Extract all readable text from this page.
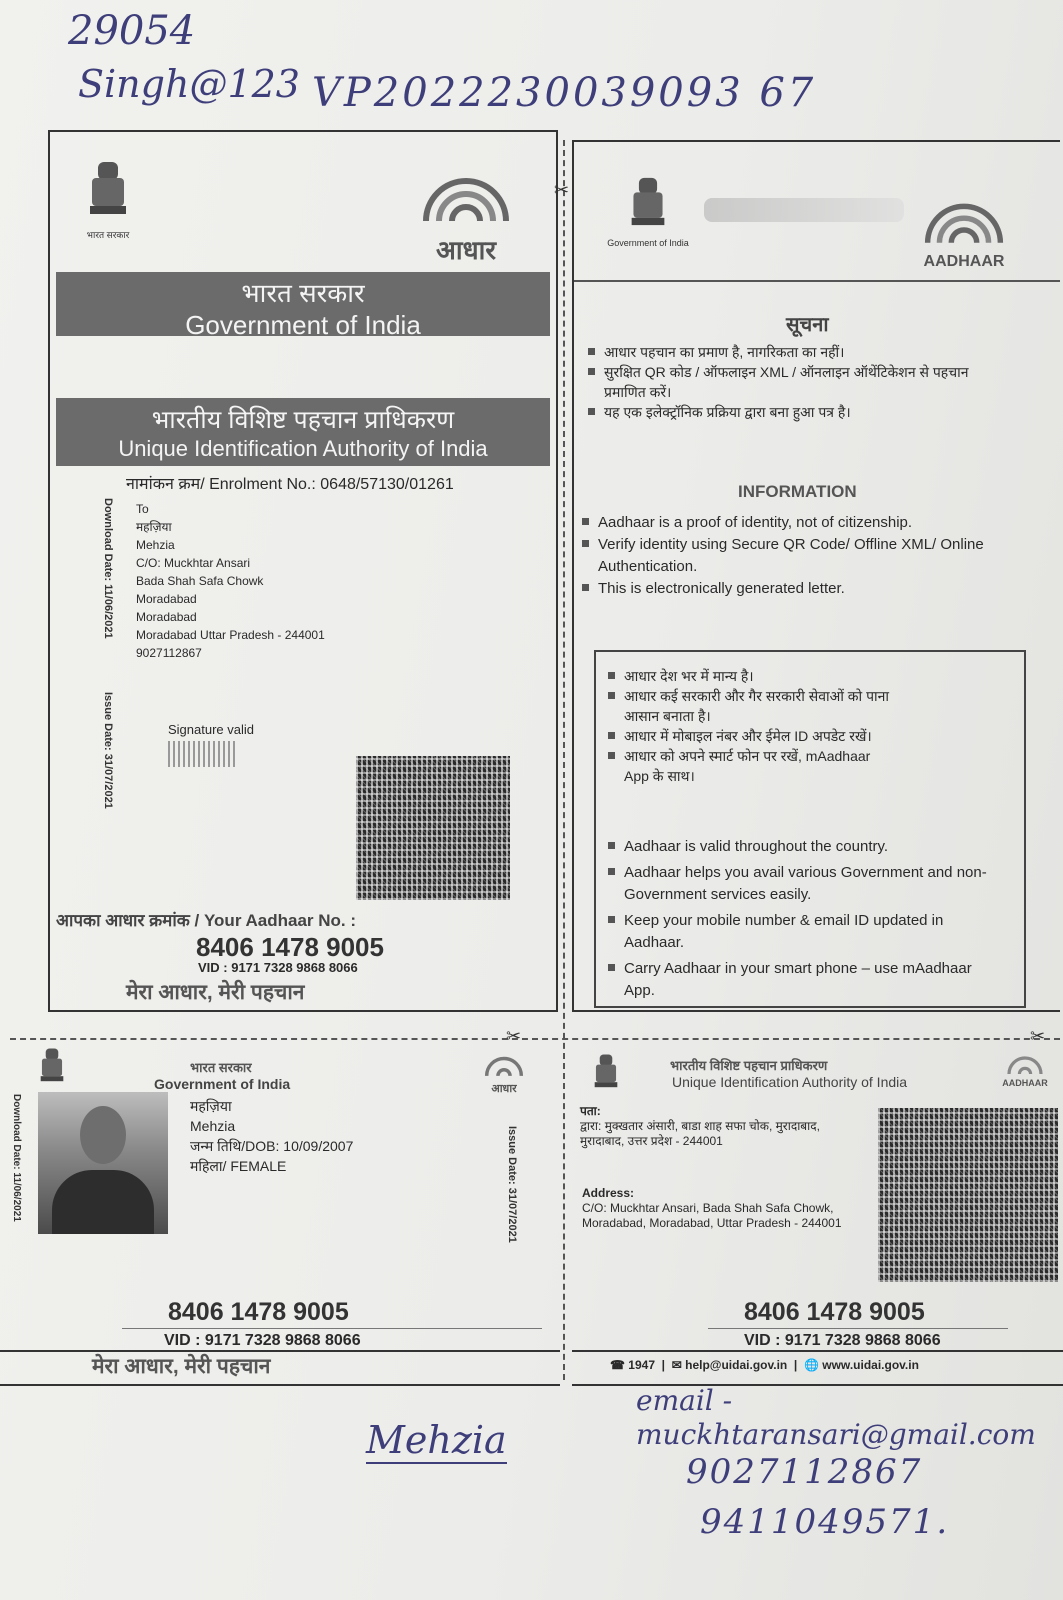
29054
Singh@123 VP2022230039093 67
भारत सरकार	आधार
भारत सरकार
Government of India
भारतीय विशिष्ट पहचान प्राधिकरण
Unique Identification Authority of India
नामांकन क्रम/ Enrolment No.: 0648/57130/01261
Download Date: 11/06/2021
Issue Date: 31/07/2021
To
महज़िया
Mehzia
C/O: Muckhtar Ansari
Bada Shah Safa Chowk
Moradabad
Moradabad
Moradabad Uttar Pradesh - 244001
9027112867
Signature valid
आपका आधार क्रमांक / Your Aadhaar No. :
8406 1478 9005
VID : 9171 7328 9868 8066
मेरा आधार, मेरी पहचान
✂
Government of India
AADHAAR
सूचना
आधार पहचान का प्रमाण है, नागरिकता का नहीं।
सुरक्षित QR कोड / ऑफलाइन XML / ऑनलाइन ऑथेंटिकेशन से पहचान प्रमाणित करें।
यह एक इलेक्ट्रॉनिक प्रक्रिया द्वारा बना हुआ पत्र है।
INFORMATION
Aadhaar is a proof of identity, not of citizenship.
Verify identity using Secure QR Code/ Offline XML/ Online Authentication.
This is electronically generated letter.
आधार देश भर में मान्य है।
आधार कई सरकारी और गैर सरकारी सेवाओं को पाना आसान बनाता है।
आधार में मोबाइल नंबर और ईमेल ID अपडेट रखें।
आधार को अपने स्मार्ट फोन पर रखें, mAadhaar App के साथ।
Aadhaar is valid throughout the country.
Aadhaar helps you avail various Government and non-Government services easily.
Keep your mobile number & email ID updated in Aadhaar.
Carry Aadhaar in your smart phone – use mAadhaar App.
✂	✂
भारत सरकार
Government of India	आधार
Download Date: 11/06/2021	महज़िया
Mehzia
जन्म तिथि/DOB: 10/09/2007
महिला/ FEMALE	Issue Date: 31/07/2021
8406 1478 9005
VID : 9171 7328 9868 8066
मेरा आधार, मेरी पहचान
भारतीय विशिष्ट पहचान प्राधिकरण
Unique Identification Authority of India	AADHAAR
पता:
द्वारा: मुक्खतार अंसारी, बाडा शाह सफा चोक, मुरादाबाद, मुरादाबाद, उत्तर प्रदेश - 244001
Address:
C/O: Muckhtar Ansari, Bada Shah Safa Chowk, Moradabad, Moradabad, Uttar Pradesh - 244001
8406 1478 9005
VID : 9171 7328 9868 8066
☎ 1947  |  ✉ help@uidai.gov.in  |  🌐 www.uidai.gov.in
Mehzia
email - muckhtaransari@gmail.com
9027112867
9411049571.
